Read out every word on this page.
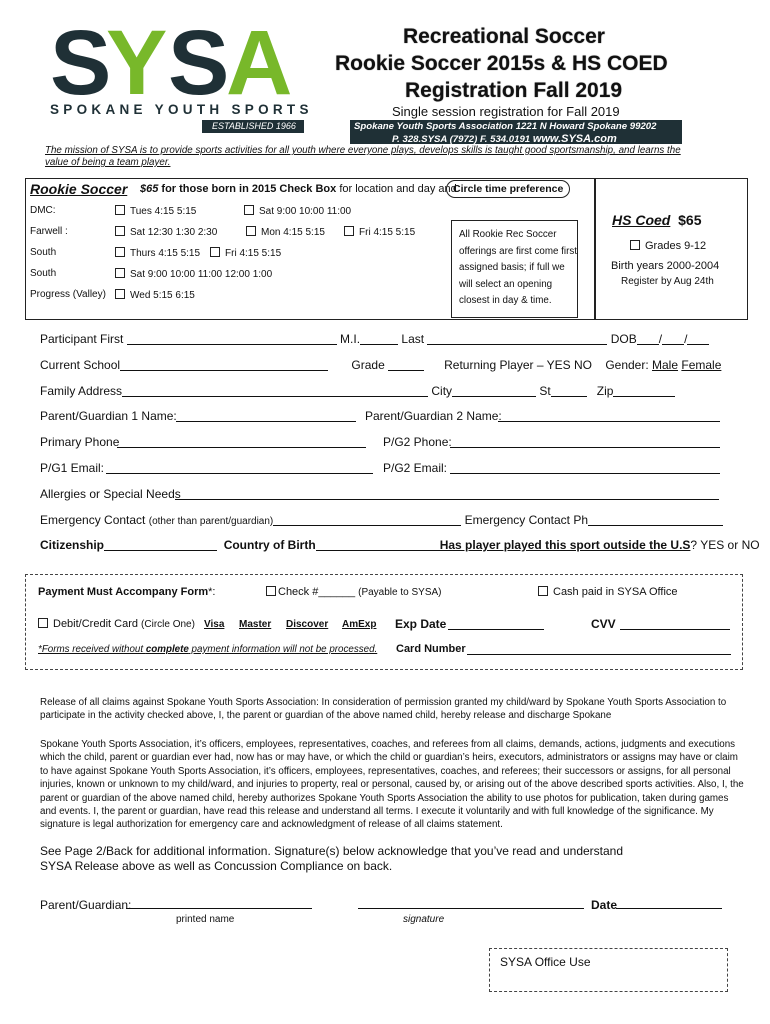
S
Y S A
SPOKANE YOUTH SPORTS
ESTABLISHED 1966
Recreational Soccer
Rookie Soccer 2015s & HS COED
Registration Fall 2019
Single session registration for Fall 2019
Spokane Youth Sports Association 1221 N Howard Spokane 99202
P. 328.SYSA (7972) F. 534.0191 www.SYSA.com
The mission of SYSA is to provide sports activities for all youth where everyone plays, develops skills is taught good sportsmanship, and learns the value of being a team player.
Rookie Soccer $65 for those born in 2015 Check Box for location and day and
Circle time preference
DMC:	Tues 4:15 5:15	Sat 9:00 10:00 11:00
Farwell :	Sat 12:30 1:30 2:30	Mon 4:15 5:15	Fri 4:15 5:15
South	Thurs 4:15 5:15	Fri 4:15 5:15
South	Sat 9:00 10:00 11:00 12:00 1:00
Progress (Valley)	Wed 5:15 6:15
All Rookie Rec Soccer offerings are first come first assigned basis; if full we will select an opening closest in day & time.
HS Coed $65
Grades 9-12
Birth years 2000-2004
Register by Aug 24th
Participant First	M.I.	Last	DOB / /
Current School	Grade	Returning Player – YES NO Gender: Male Female
Family Address	City	St	Zip
Parent/Guardian 1 Name:	Parent/Guardian 2 Name:
Primary Phone	P/G2 Phone:
P/G1 Email:	P/G2 Email:
Allergies or Special Needs
Emergency Contact (other than parent/guardian)	Emergency Contact Ph
Citizenship	Country of Birth	Has player played this sport outside the U.S? YES or NO
Payment Must Accompany Form*:	Check #______ (Payable to SYSA)	Cash paid in SYSA Office
Debit/Credit Card (Circle One) Visa Master Discover AmExp Exp Date	CVV
*Forms received without complete payment information will not be processed. Card Number
Release of all claims against Spokane Youth Sports Association: In consideration of permission granted my child/ward by Spokane Youth Sports Association to participate in the activity checked above, I, the parent or guardian of the above named child, hereby release and discharge Spokane
Spokane Youth Sports Association, it’s officers, employees, representatives, coaches, and referees from all claims, demands, actions, judgments and executions which the child, parent or guardian ever had, now has or may have, or which the child or guardian’s heirs, executors, administrators or assigns may have or claim to have against Spokane Youth Sports Association, it’s officers, employees, representatives, coaches, and referees; their successors or assigns, for all personal injuries, known or unknown to my child/ward, and injuries to property, real or personal, caused by, or arising out of the above described sports activities. Also, I, the parent or guardian of the above named child, hereby authorizes Spokane Youth Sports Association the ability to use photos for publication, taken during games and events. I, the parent or guardian, have read this release and understand all terms. I execute it voluntarily and with full knowledge of the significance. My signature is legal authorization for emergency care and acknowledgment of release of all claims statement.
See Page 2/Back for additional information. Signature(s) below acknowledge that you’ve read and understand
SYSA Release above as well as Concussion Compliance on back.
Parent/Guardian:	Date
printed name	signature
SYSA Office Use
